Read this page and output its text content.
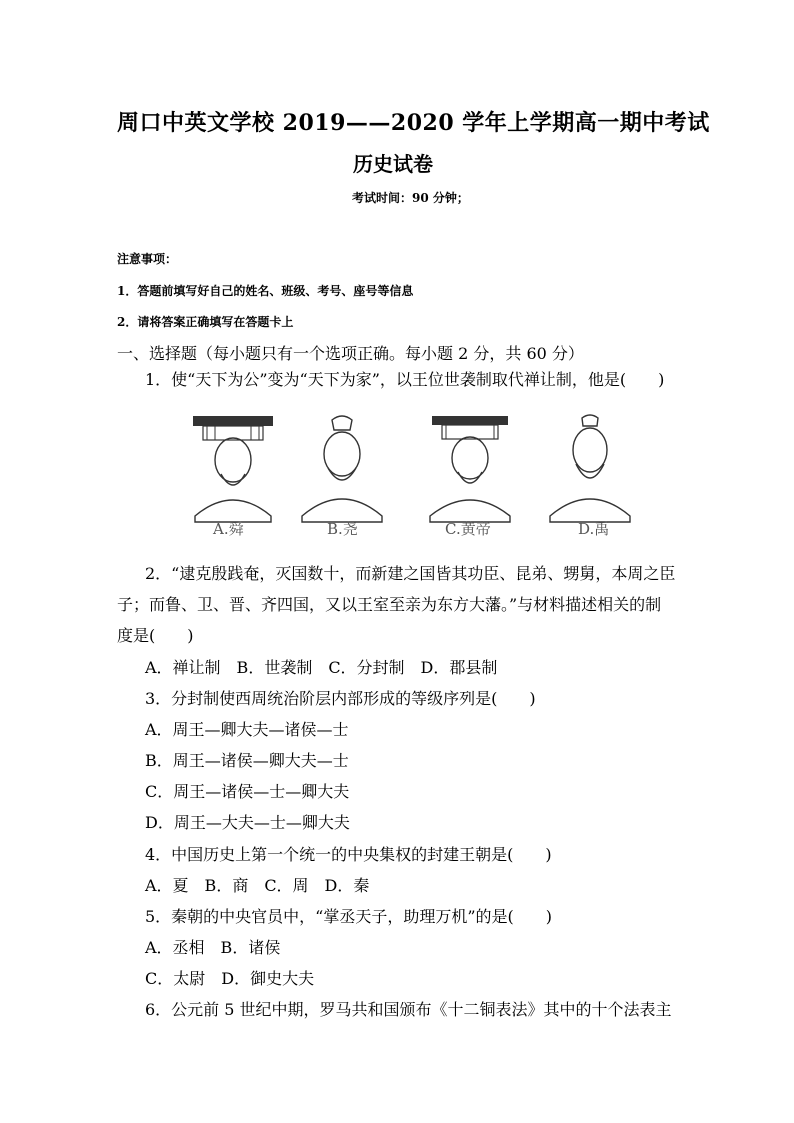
周口中英文学校 2019——2020 学年上学期高一期中考试
历史试卷
考试时间：90 分钟；
注意事项：
1．答题前填写好自己的姓名、班级、考号、座号等信息
2．请将答案正确填写在答题卡上
一、选择题（每小题只有一个选项正确。每小题 2 分，共 60 分）
1．使“天下为公”变为“天下为家”，以王位世袭制取代禅让制，他是(　　)
A.舜	B.尧	C.黄帝	D.禹
2．“逮克殷践奄，灭国数十，而新建之国皆其功臣、昆弟、甥舅，本周之臣
子；而鲁、卫、晋、齐四国，又以王室至亲为东方大藩。”与材料描述相关的制
度是(　　)
A．禅让制　B．世袭制　C．分封制　D．郡县制
3．分封制使西周统治阶层内部形成的等级序列是(　　)
A．周王—卿大夫—诸侯—士
B．周王—诸侯—卿大夫—士
C．周王—诸侯—士—卿大夫
D．周王—大夫—士—卿大夫
4．中国历史上第一个统一的中央集权的封建王朝是(　　)
A．夏　B．商　C．周　D．秦
5．秦朝的中央官员中，“掌丞天子，助理万机”的是(　　)
A．丞相　B．诸侯
C．太尉　D．御史大夫
6．公元前 5 世纪中期，罗马共和国颁布《十二铜表法》其中的十个法表主
